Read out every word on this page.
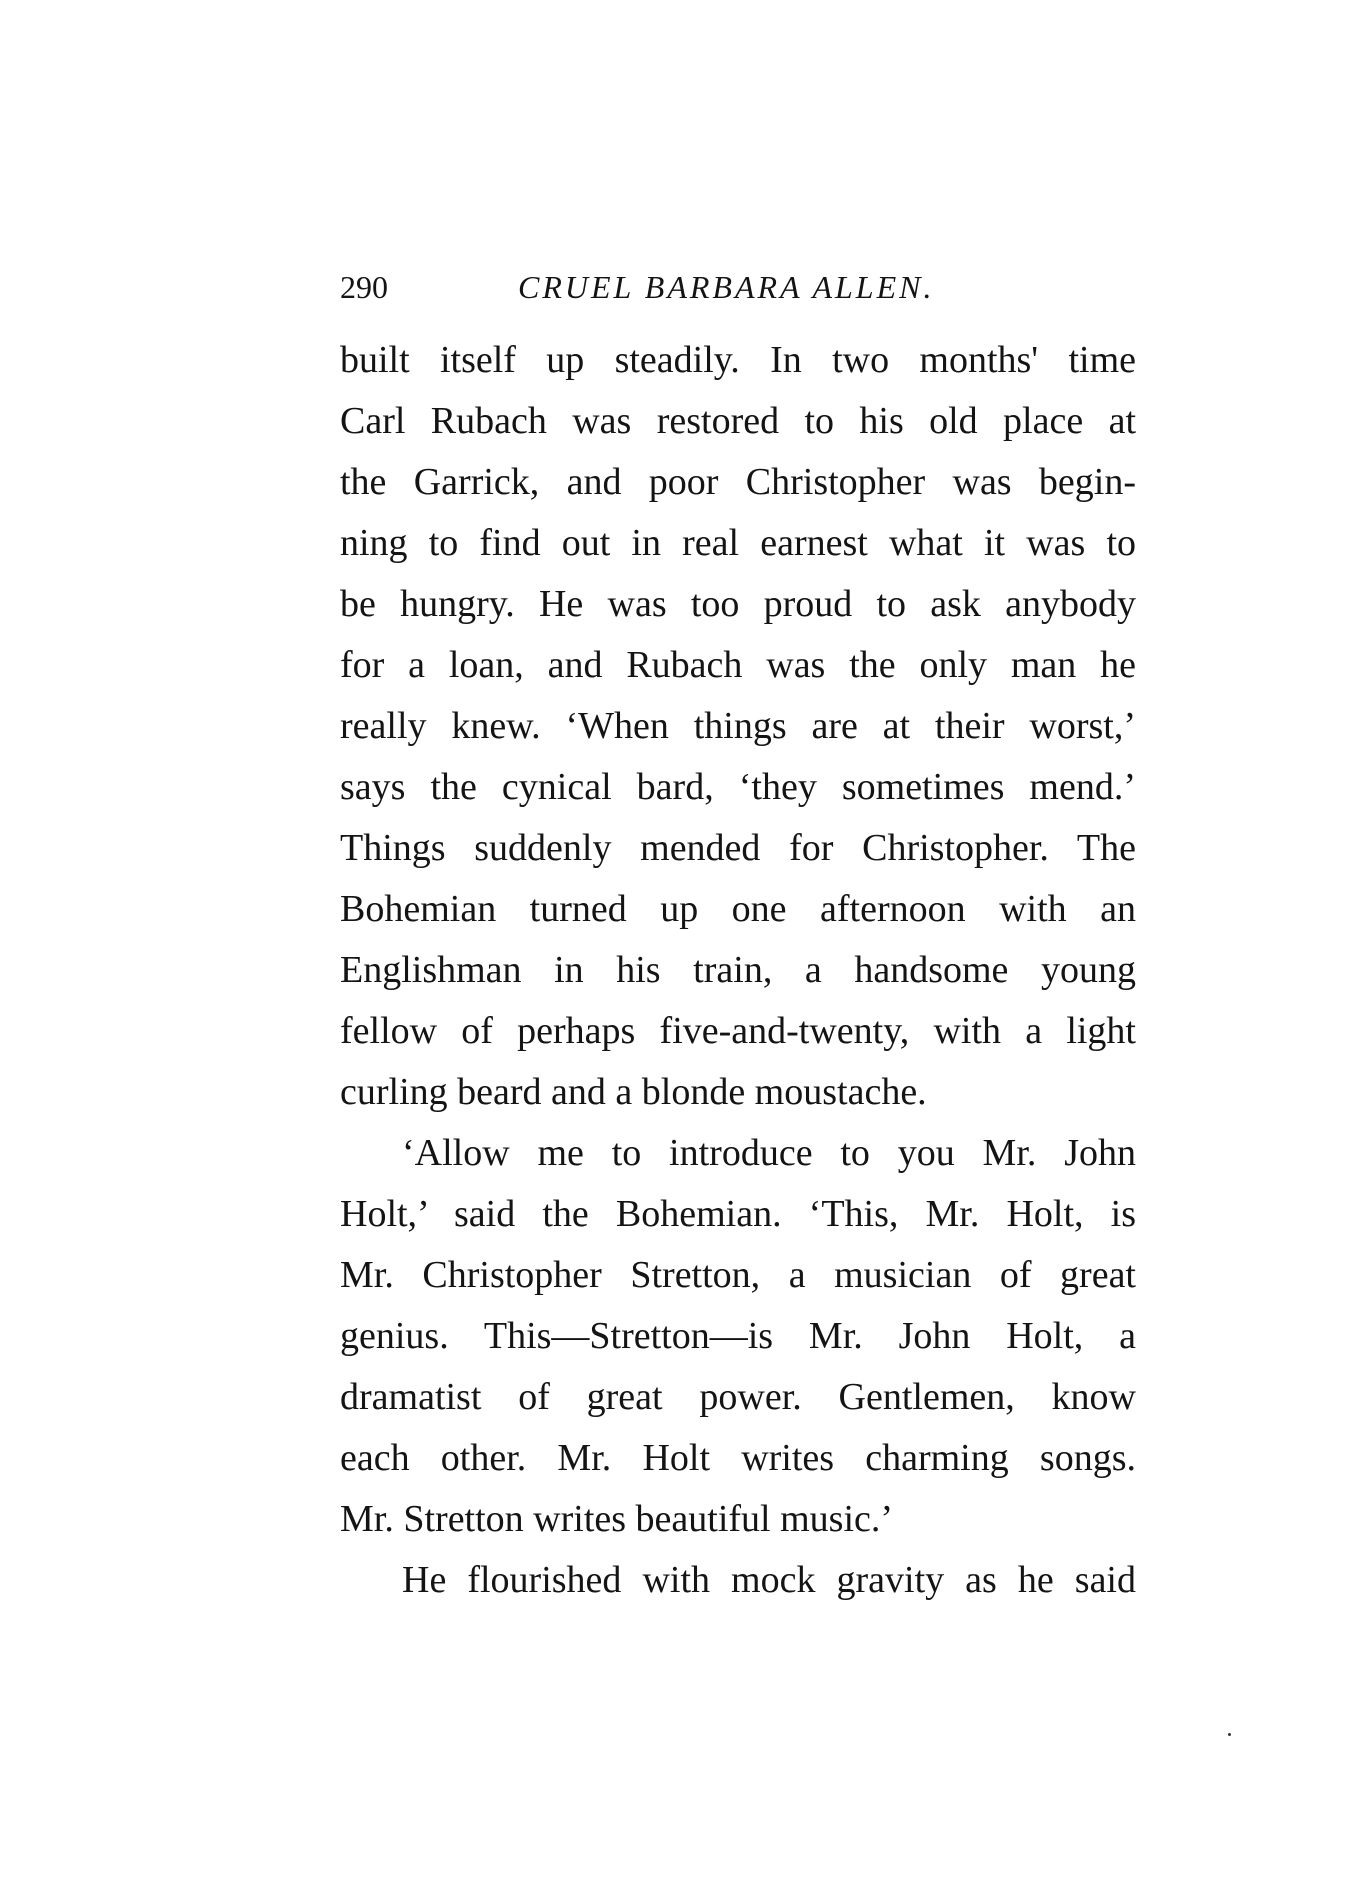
290	CRUEL BARBARA ALLEN.
built itself up steadily. In two months' time
Carl Rubach was restored to his old place at
the Garrick, and poor Christopher was begin-
ning to find out in real earnest what it was to
be hungry. He was too proud to ask anybody
for a loan, and Rubach was the only man he
really knew. ‘When things are at their worst,’
says the cynical bard, ‘they sometimes mend.’
Things suddenly mended for Christopher. The
Bohemian turned up one afternoon with an
Englishman in his train, a handsome young
fellow of perhaps five-and-twenty, with a light
curling beard and a blonde moustache.
‘Allow me to introduce to you Mr. John
Holt,’ said the Bohemian. ‘This, Mr. Holt, is
Mr. Christopher Stretton, a musician of great
genius. This—Stretton—is Mr. John Holt, a
dramatist of great power. Gentlemen, know
each other. Mr. Holt writes charming songs.
Mr. Stretton writes beautiful music.’
He flourished with mock gravity as he said
